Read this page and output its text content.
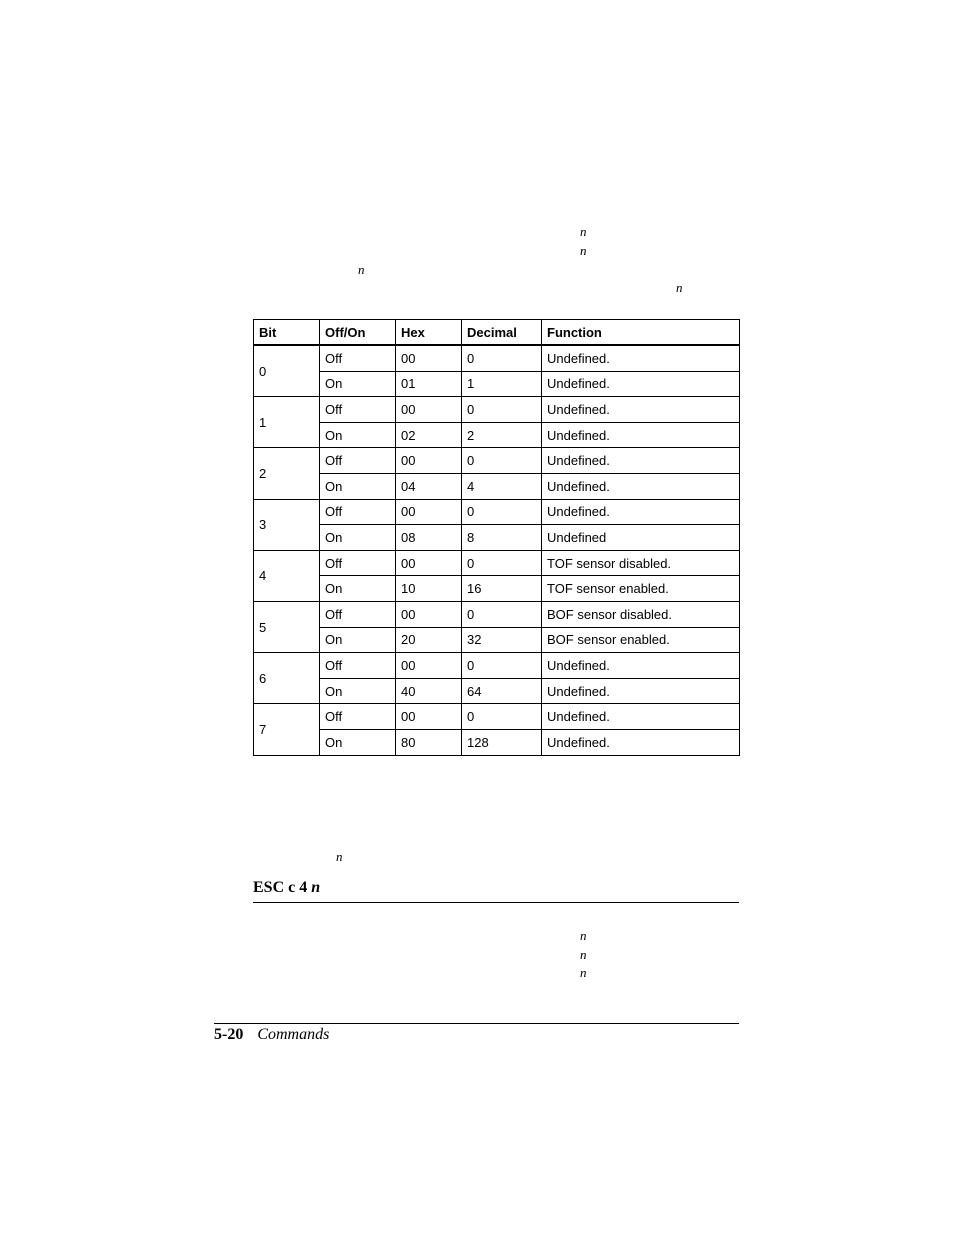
n
n
n
n
Bit	Off/On	Hex	Decimal	Function
0	Off	00	0	Undefined.
	On	01	1	Undefined.
1	Off	00	0	Undefined.
	On	02	2	Undefined.
2	Off	00	0	Undefined.
	On	04	4	Undefined.
3	Off	00	0	Undefined.
	On	08	8	Undefined
4	Off	00	0	TOF sensor disabled.
	On	10	16	TOF sensor enabled.
5	Off	00	0	BOF sensor disabled.
	On	20	32	BOF sensor enabled.
6	Off	00	0	Undefined.
	On	40	64	Undefined.
7	Off	00	0	Undefined.
	On	80	128	Undefined.
n
ESC c 4 n
n
n
n
5-20 Commands
